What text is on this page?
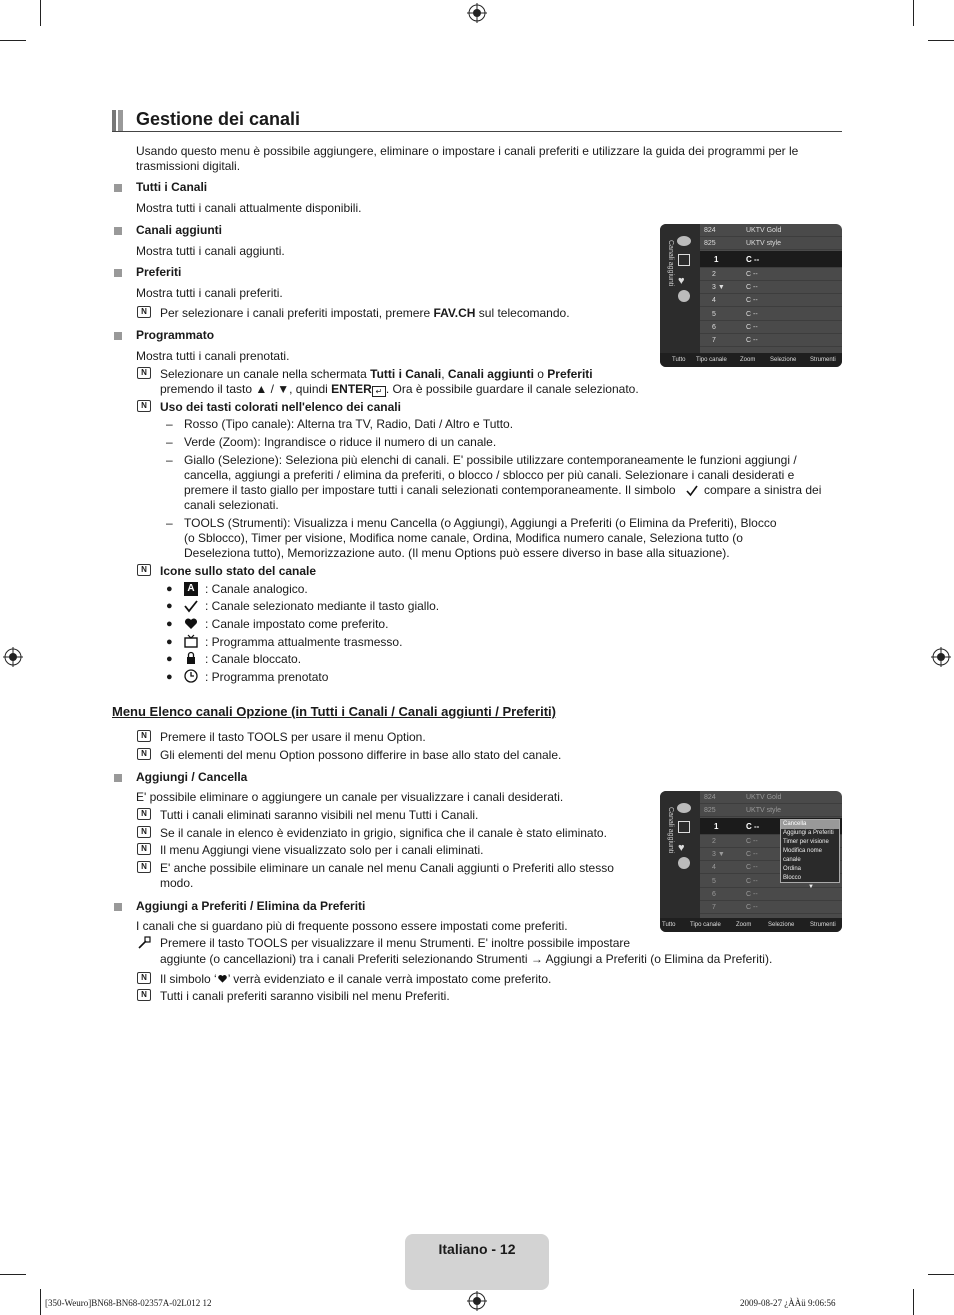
Gestione dei canali
Usando questo menu è possibile aggiungere, eliminare o impostare i canali preferiti e utilizzare la guida dei programmi per le trasmissioni digitali.
Tutti i Canali
Mostra tutti i canali attualmente disponibili.
Canali aggiunti
Mostra tutti i canali aggiunti.
Preferiti
Mostra tutti i canali preferiti.
N	Per selezionare i canali preferiti impostati, premere FAV.CH sul telecomando.
Programmato
Mostra tutti i canali prenotati.
N	Selezionare un canale nella schermata Tutti i Canali, Canali aggiunti o Preferiti
premendo il tasto ▲ / ▼, quindi ENTER ↵ . Ora è possibile guardare il canale selezionato.
N	Uso dei tasti colorati nell'elenco dei canali
– Rosso (Tipo canale): Alterna tra TV, Radio, Dati / Altro e Tutto.
– Verde (Zoom): Ingrandisce o riduce il numero di un canale.
– Giallo (Selezione): Seleziona più elenchi di canali. E' possibile utilizzare contemporaneamente le funzioni aggiungi /
cancella, aggiungi a preferiti / elimina da preferiti, o blocco / sblocco per più canali. Selezionare i canali desiderati e
premere il tasto giallo per impostare tutti i canali selezionati contemporaneamente. Il simbolo	compare a sinistra dei
canali selezionati.
– TOOLS (Strumenti): Visualizza i menu Cancella (o Aggiungi), Aggiungi a Preferiti (o Elimina da Preferiti), Blocco
(o Sblocco), Timer per visione, Modifica nome canale, Ordina, Modifica numero canale, Seleziona tutto (o
Deseleziona tutto), Memorizzazione auto. (Il menu Options può essere diverso in base alla situazione).
N	Icone sullo stato del canale
●	A : Canale analogico.
●	: Canale selezionato mediante il tasto giallo.
●	: Canale impostato come preferito.
●	: Programma attualmente trasmesso.
●	: Canale bloccato.
●	: Programma prenotato
Menu Elenco canali Opzione (in Tutti i Canali / Canali aggiunti / Preferiti)
N	Premere il tasto TOOLS per usare il menu Option.
N	Gli elementi del menu Option possono differire in base allo stato del canale.
Aggiungi / Cancella
E' possibile eliminare o aggiungere un canale per visualizzare i canali desiderati.
N	Tutti i canali eliminati saranno visibili nel menu Tutti i Canali.
N	Se il canale in elenco è evidenziato in grigio, significa che il canale è stato eliminato.
N	Il menu Aggiungi viene visualizzato solo per i canali eliminati.
N	E' anche possibile eliminare un canale nel menu Canali aggiunti o Preferiti allo stesso
modo.
Aggiungi a Preferiti / Elimina da Preferiti
I canali che si guardano più di frequente possono essere impostati come preferiti.
Premere il tasto TOOLS per visualizzare il menu Strumenti. E' inoltre possibile impostare
aggiunte (o cancellazioni) tra i canali Preferiti selezionando Strumenti → Aggiungi a Preferiti (o Elimina da Preferiti).
N	Il simbolo ‘ ’ verrà evidenziato e il canale verrà impostato come preferito.
N	Tutti i canali preferiti saranno visibili nel menu Preferiti.
Canali aggiunti ♥
824	UKTV Gold
825	UKTV style
1	C --
2	C --
3 ▼	C --
4	C --
5	C --
6	C --
7	C --
Tutto Tipo canale Zoom Selezione Strumenti
Canali aggiunti ♥
824	UKTV Gold
825	UKTV style
1	C --
2	C --
3 ▼	C --
4	C --
5	C --
6	C --
7	C --
Cancella
Aggiungi a Preferiti
Timer per visione
Modifica nome canale
Ordina
Blocco
▼
Tutto Tipo canale	Zoom	Selezione	Strumenti
Italiano - 12
[350-Weuro]BN68-BN68-02357A-02L012 12	2009-08-27 ¿ÀÀü 9:06:56
